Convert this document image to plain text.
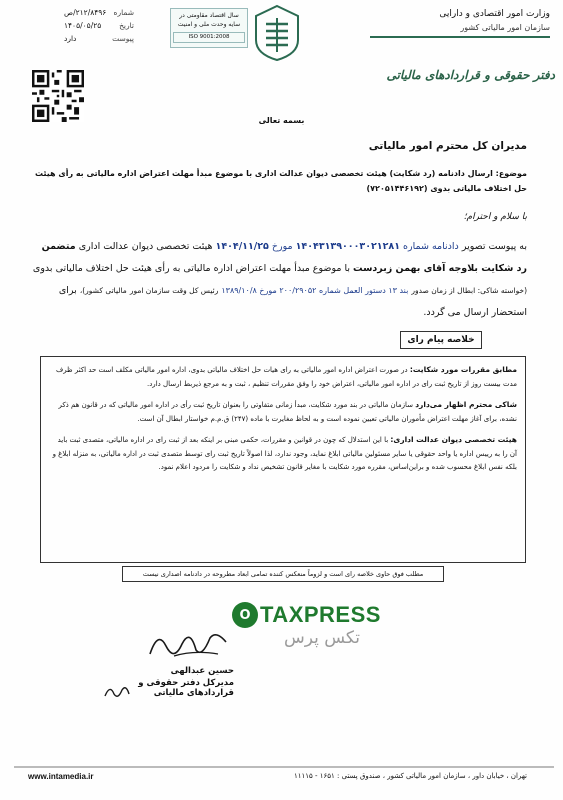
شماره
۲۱۲/۸۴۹۶/ص
تاریخ
۱۴۰۵/۰۵/۲۵
پیوست
دارد
سال اقتصاد مقاومتی در سایه وحدت ملی و امنیت
ISO 9001:2008
وزارت امور اقتصادی و دارایی
سازمان امور مالیاتی کشور
دفتر حقوقی و قراردادهای مالیاتی
بسمه تعالی
مدیران کل محترم امور مالیاتی
موضوع: ارسال دادنامه (رد شکایت) هیئت تخصصی دیوان عدالت اداری با موضوع مبدأ مهلت اعتراض اداره مالیاتی به رأی هیئت حل اختلاف مالیاتی بدوی (۷۲۰۵۱۴۴۶۱۹۲)
با سلام و احترام؛
به پیوست تصویر دادنامه شماره ۱۴۰۴۳۱۳۹۰۰۰۳۰۲۱۲۸۱ مورخ ۱۴۰۴/۱۱/۲۵ هیئت تخصصی دیوان عدالت اداری متضمن رد شکایت بلاوجه آقای بهمن زبردست با موضوع مبدأ مهلت اعتراض اداره مالیاتی به رأی هیئت حل اختلاف مالیاتی بدوی (خواسته شاکی: ابطال از زمان صدور بند ۱۳ دستور العمل شماره ۲۰۰/۲۹۰۵۲ مورخ ۱۳۸۹/۱۰/۸ رئیس کل وقت سازمان امور مالیاتی کشور)، برای استحضار ارسال می گردد.
خلاصه پیام رای
مطابق مقررات مورد شکایت: در صورت اعتراض اداره امور مالیاتی به رای هیات حل اختلاف مالیاتی بدوی، اداره امور مالیاتی مکلف است حد اکثر ظرف مدت بیست روز از تاریخ ثبت رای در اداره امور مالیاتی، اعتراض خود را وفق مقررات تنظیم ، ثبت و به مرجع ذیربط ارسال دارد.
شاکی محترم اظهار می‌دارد سازمان مالیاتی در بند مورد شکایت، مبدأ زمانی متفاوتی را بعنوان تاریخ ثبت رأی در اداره امور مالیاتی که در قانون هم ذکر نشده، برای آغاز مهلت اعتراض مأموران مالیاتی تعیین نموده است و به لحاظ مغایرت با ماده (۲۴۷) ق.م.م خواستار ابطال آن است.
هیئت تخصصی دیوان عدالت اداری: با این استدلال که چون در قوانین و مقررات، حکمی مبنی بر اینکه بعد از ثبت رای در اداره مالیاتی، متصدی ثبت باید آن را به رییس اداره یا واحد حقوقی یا سایر مسئولین مالیاتی ابلاغ نماید، وجود ندارد، لذا اصولاً تاریخ ثبت رای توسط متصدی ثبت در اداره مالیاتی، به منزله ابلاغ و بلکه نفس ابلاغ محسوب شده و براین‌اساس، مقرره مورد شکایت با مغایر قانون تشخیص نداد و شکایت را مردود اعلام نمود.
مطلب فوق حاوی خلاصه رای است و لزوماً منعکس کننده تمامی ابعاد مطروحه در دادنامه اصداری نیست
O TAXPRESS
تکس پرس
حسین عبدالهی
مدیرکل دفتر حقوقی و قراردادهای مالیاتی
www.intamedia.ir	تهران ، خیابان داور ، سازمان امور مالیاتی کشور ، صندوق پستی : ۱۶۵۱ - ۱۱۱۱۵
